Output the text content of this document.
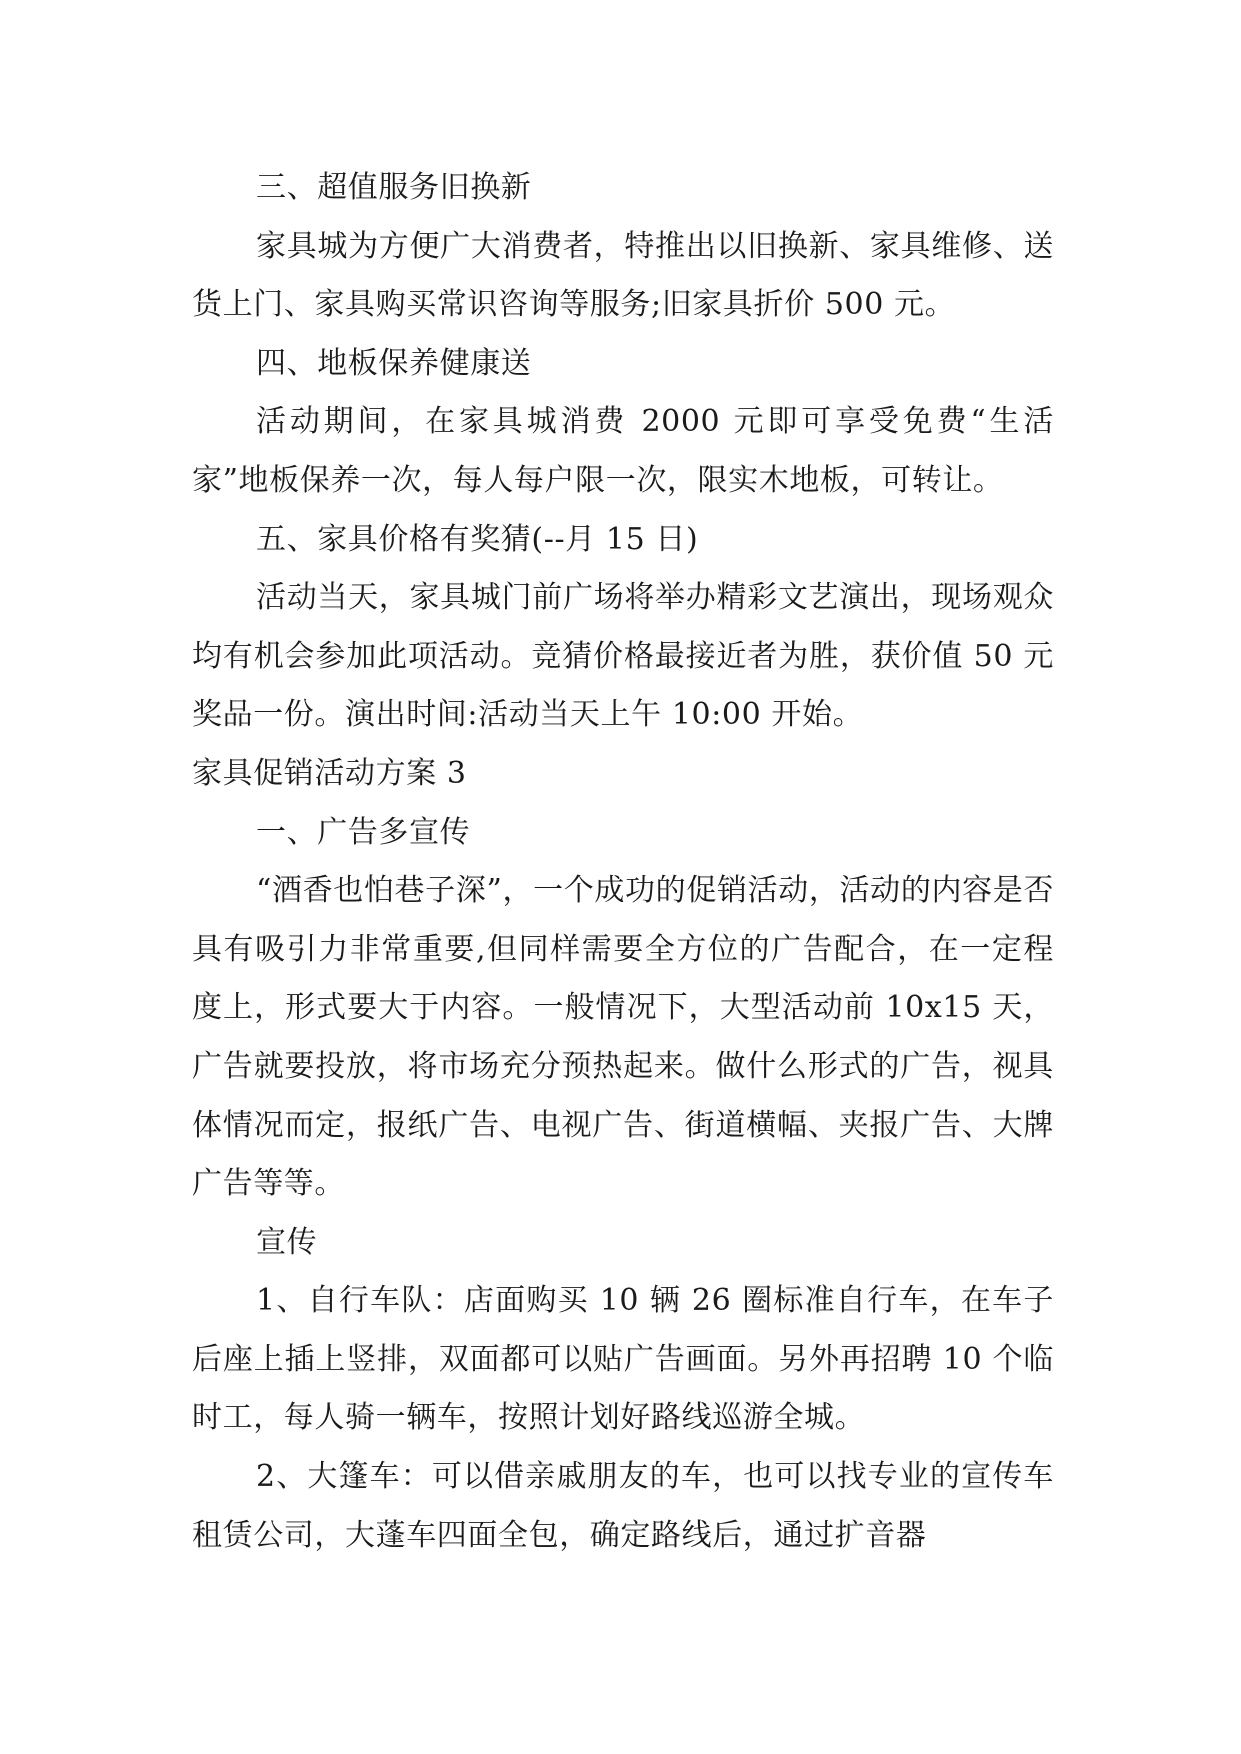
三、超值服务旧换新

家具城为方便广大消费者，特推出以旧换新、家具维修、送货上门、家具购买常识咨询等服务;旧家具折价 500 元。

四、地板保养健康送

活动期间，在家具城消费 2000 元即可享受免费“生活家”地板保养一次，每人每户限一次，限实木地板，可转让。

五、家具价格有奖猜(--月 15 日)

活动当天，家具城门前广场将举办精彩文艺演出，现场观众均有机会参加此项活动。竞猜价格最接近者为胜，获价值 50 元奖品一份。演出时间:活动当天上午 10:00 开始。

家具促销活动方案 3

一、广告多宣传

“酒香也怕巷子深”，一个成功的促销活动，活动的内容是否具有吸引力非常重要,但同样需要全方位的广告配合，在一定程度上，形式要大于内容。一般情况下，大型活动前 10x15 天，广告就要投放，将市场充分预热起来。做什么形式的广告，视具体情况而定，报纸广告、电视广告、街道横幅、夹报广告、大牌广告等等。

宣传

1、自行车队：店面购买 10 辆 26 圈标准自行车，在车子后座上插上竖排，双面都可以贴广告画面。另外再招聘 10 个临时工，每人骑一辆车，按照计划好路线巡游全城。

2、大篷车：可以借亲戚朋友的车，也可以找专业的宣传车租赁公司，大蓬车四面全包，确定路线后，通过扩音器
